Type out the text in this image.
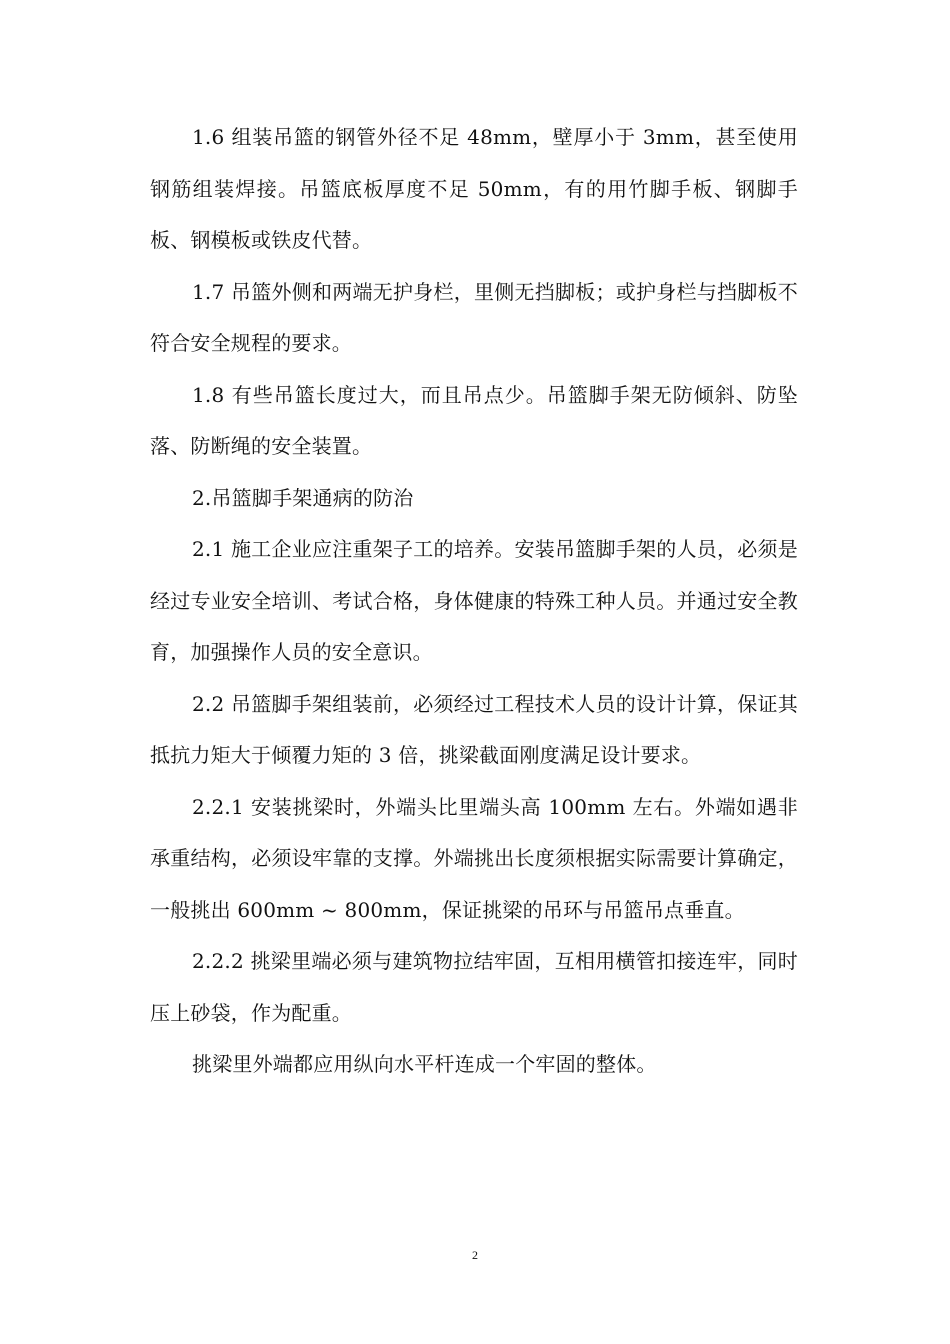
1.6 组装吊篮的钢管外径不足 48mm，壁厚小于 3mm，甚至使用钢筋组装焊接。吊篮底板厚度不足 50mm，有的用竹脚手板、钢脚手板、钢模板或铁皮代替。

1.7 吊篮外侧和两端无护身栏，里侧无挡脚板；或护身栏与挡脚板不符合安全规程的要求。

1.8 有些吊篮长度过大，而且吊点少。吊篮脚手架无防倾斜、防坠落、防断绳的安全装置。

2.吊篮脚手架通病的防治

2.1 施工企业应注重架子工的培养。安装吊篮脚手架的人员，必须是经过专业安全培训、考试合格，身体健康的特殊工种人员。并通过安全教育，加强操作人员的安全意识。

2.2 吊篮脚手架组装前，必须经过工程技术人员的设计计算，保证其抵抗力矩大于倾覆力矩的 3 倍，挑梁截面刚度满足设计要求。

2.2.1 安装挑梁时，外端头比里端头高 100mm 左右。外端如遇非承重结构，必须设牢靠的支撑。外端挑出长度须根据实际需要计算确定，一般挑出 600mm ~ 800mm，保证挑梁的吊环与吊篮吊点垂直。

2.2.2 挑梁里端必须与建筑物拉结牢固，互相用横管扣接连牢，同时压上砂袋，作为配重。

挑梁里外端都应用纵向水平杆连成一个牢固的整体。

2
